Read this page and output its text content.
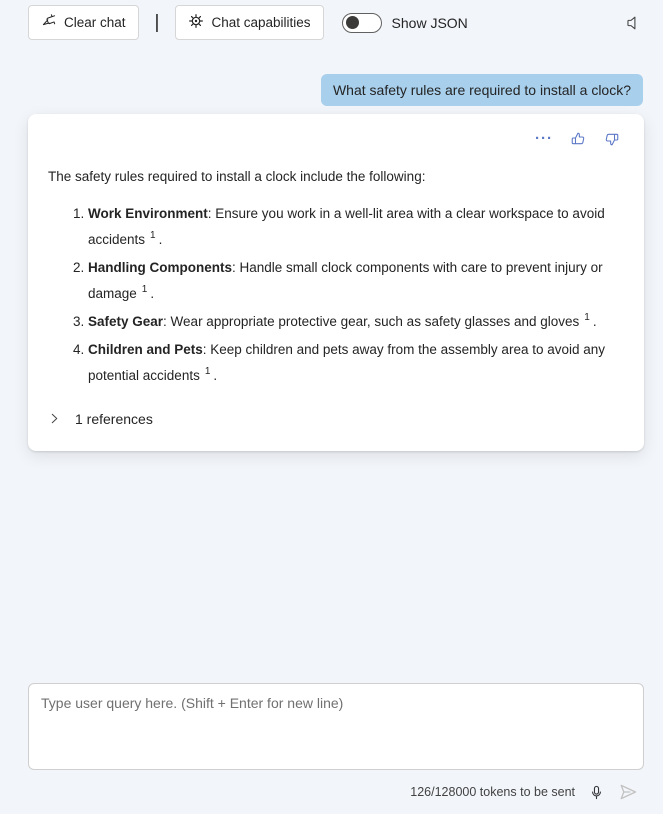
Clear chat |	Chat capabilities	Show JSON
What safety rules are required to install a clock?
···

The safety rules required to install a clock include the following:

1. Work Environment: Ensure you work in a well-lit area with a clear workspace to avoid accidents $^1$ .
2. Handling Components: Handle small clock components with care to prevent injury or damage $^1$ .
3. Safety Gear: Wear appropriate protective gear, such as safety glasses and gloves $^1$ .
4. Children and Pets: Keep children and pets away from the assembly area to avoid any potential accidents $^1$ .
1 references
Type user query here. (Shift + Enter for new line)
126/128000 tokens to be sent
